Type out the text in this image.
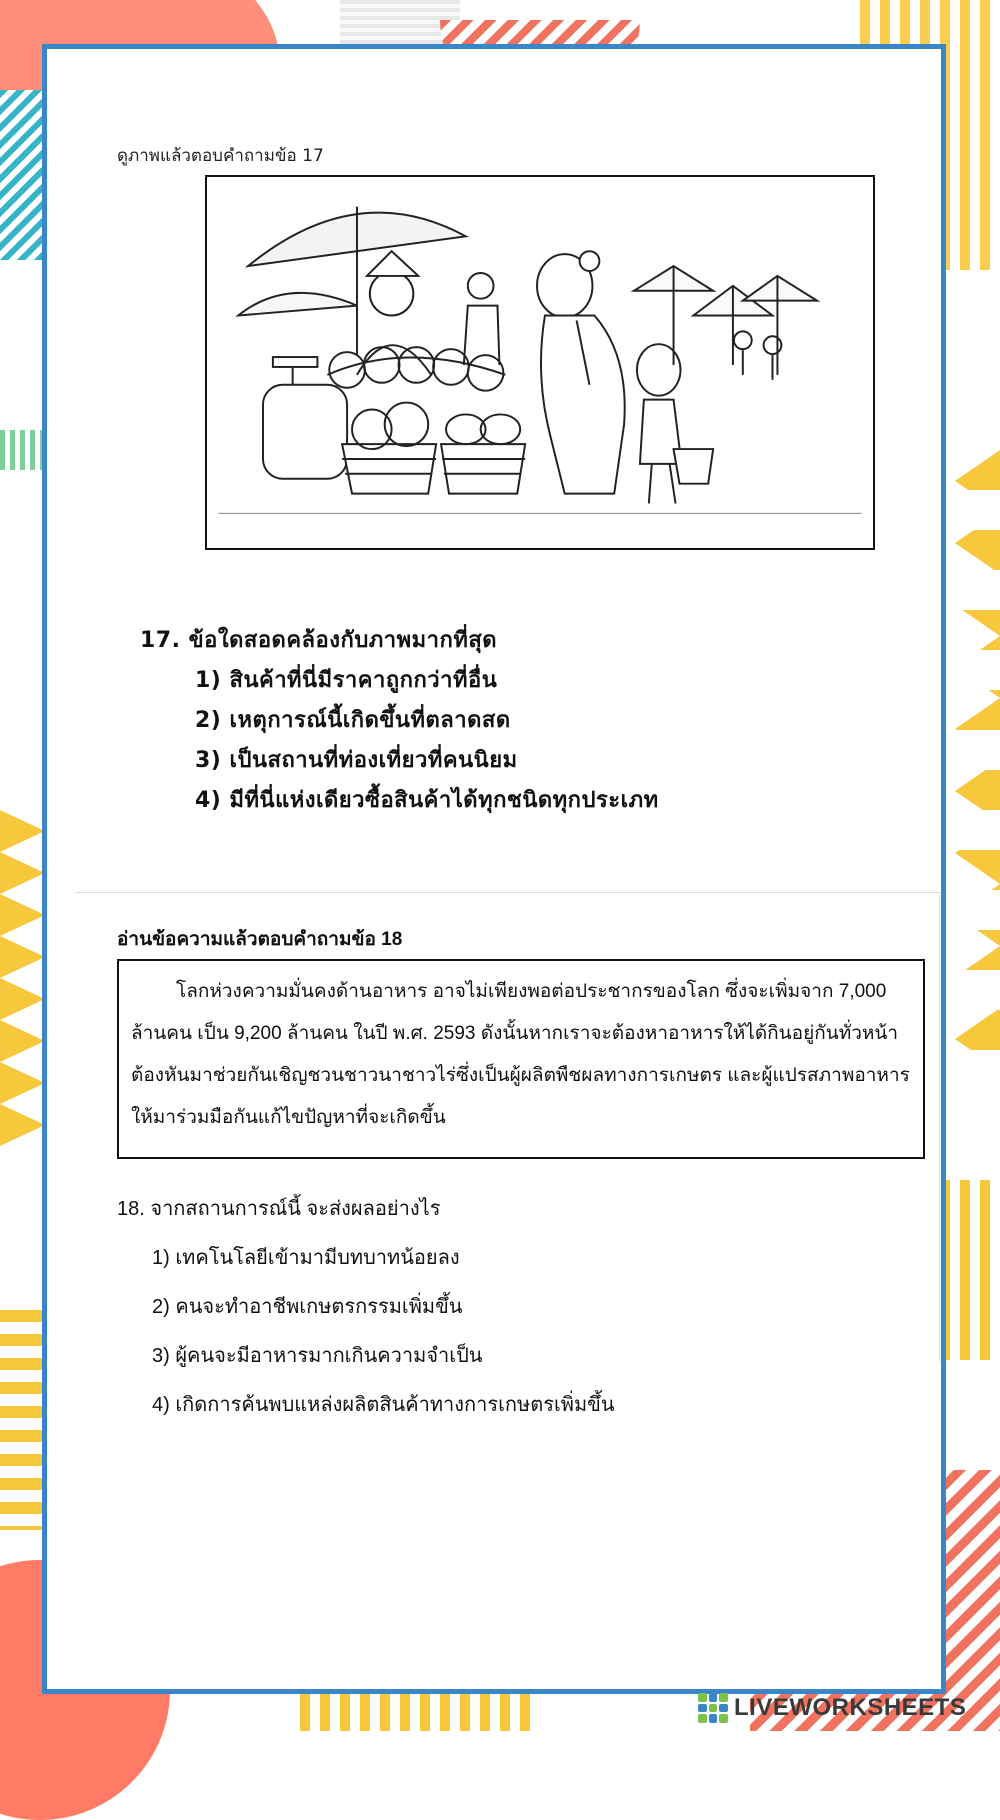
ดูภาพแล้วตอบคำถามข้อ 17
17. ข้อใดสอดคล้องกับภาพมากที่สุด
1) สินค้าที่นี่มีราคาถูกกว่าที่อื่น
2) เหตุการณ์นี้เกิดขึ้นที่ตลาดสด
3) เป็นสถานที่ท่องเที่ยวที่คนนิยม
4) มีที่นี่แห่งเดียวซื้อสินค้าได้ทุกชนิดทุกประเภท
อ่านข้อความแล้วตอบคำถามข้อ 18
โลกห่วงความมั่นคงด้านอาหาร อาจไม่เพียงพอต่อประชากรของโลก ซึ่งจะเพิ่มจาก 7,000 ล้านคน เป็น 9,200 ล้านคน ในปี พ.ศ. 2593 ดังนั้นหากเราจะต้องหาอาหารให้ได้กินอยู่กันทั่วหน้า ต้องหันมาช่วยกันเชิญชวนชาวนาชาวไร่ซึ่งเป็นผู้ผลิตพืชผลทางการเกษตร และผู้แปรสภาพอาหาร ให้มาร่วมมือกันแก้ไขปัญหาที่จะเกิดขึ้น
18. จากสถานการณ์นี้ จะส่งผลอย่างไร
1) เทคโนโลยีเข้ามามีบทบาทน้อยลง
2) คนจะทำอาชีพเกษตรกรรมเพิ่มขึ้น
3) ผู้คนจะมีอาหารมากเกินความจำเป็น
4) เกิดการค้นพบแหล่งผลิตสินค้าทางการเกษตรเพิ่มขึ้น
LIVEWORKSHEETS
